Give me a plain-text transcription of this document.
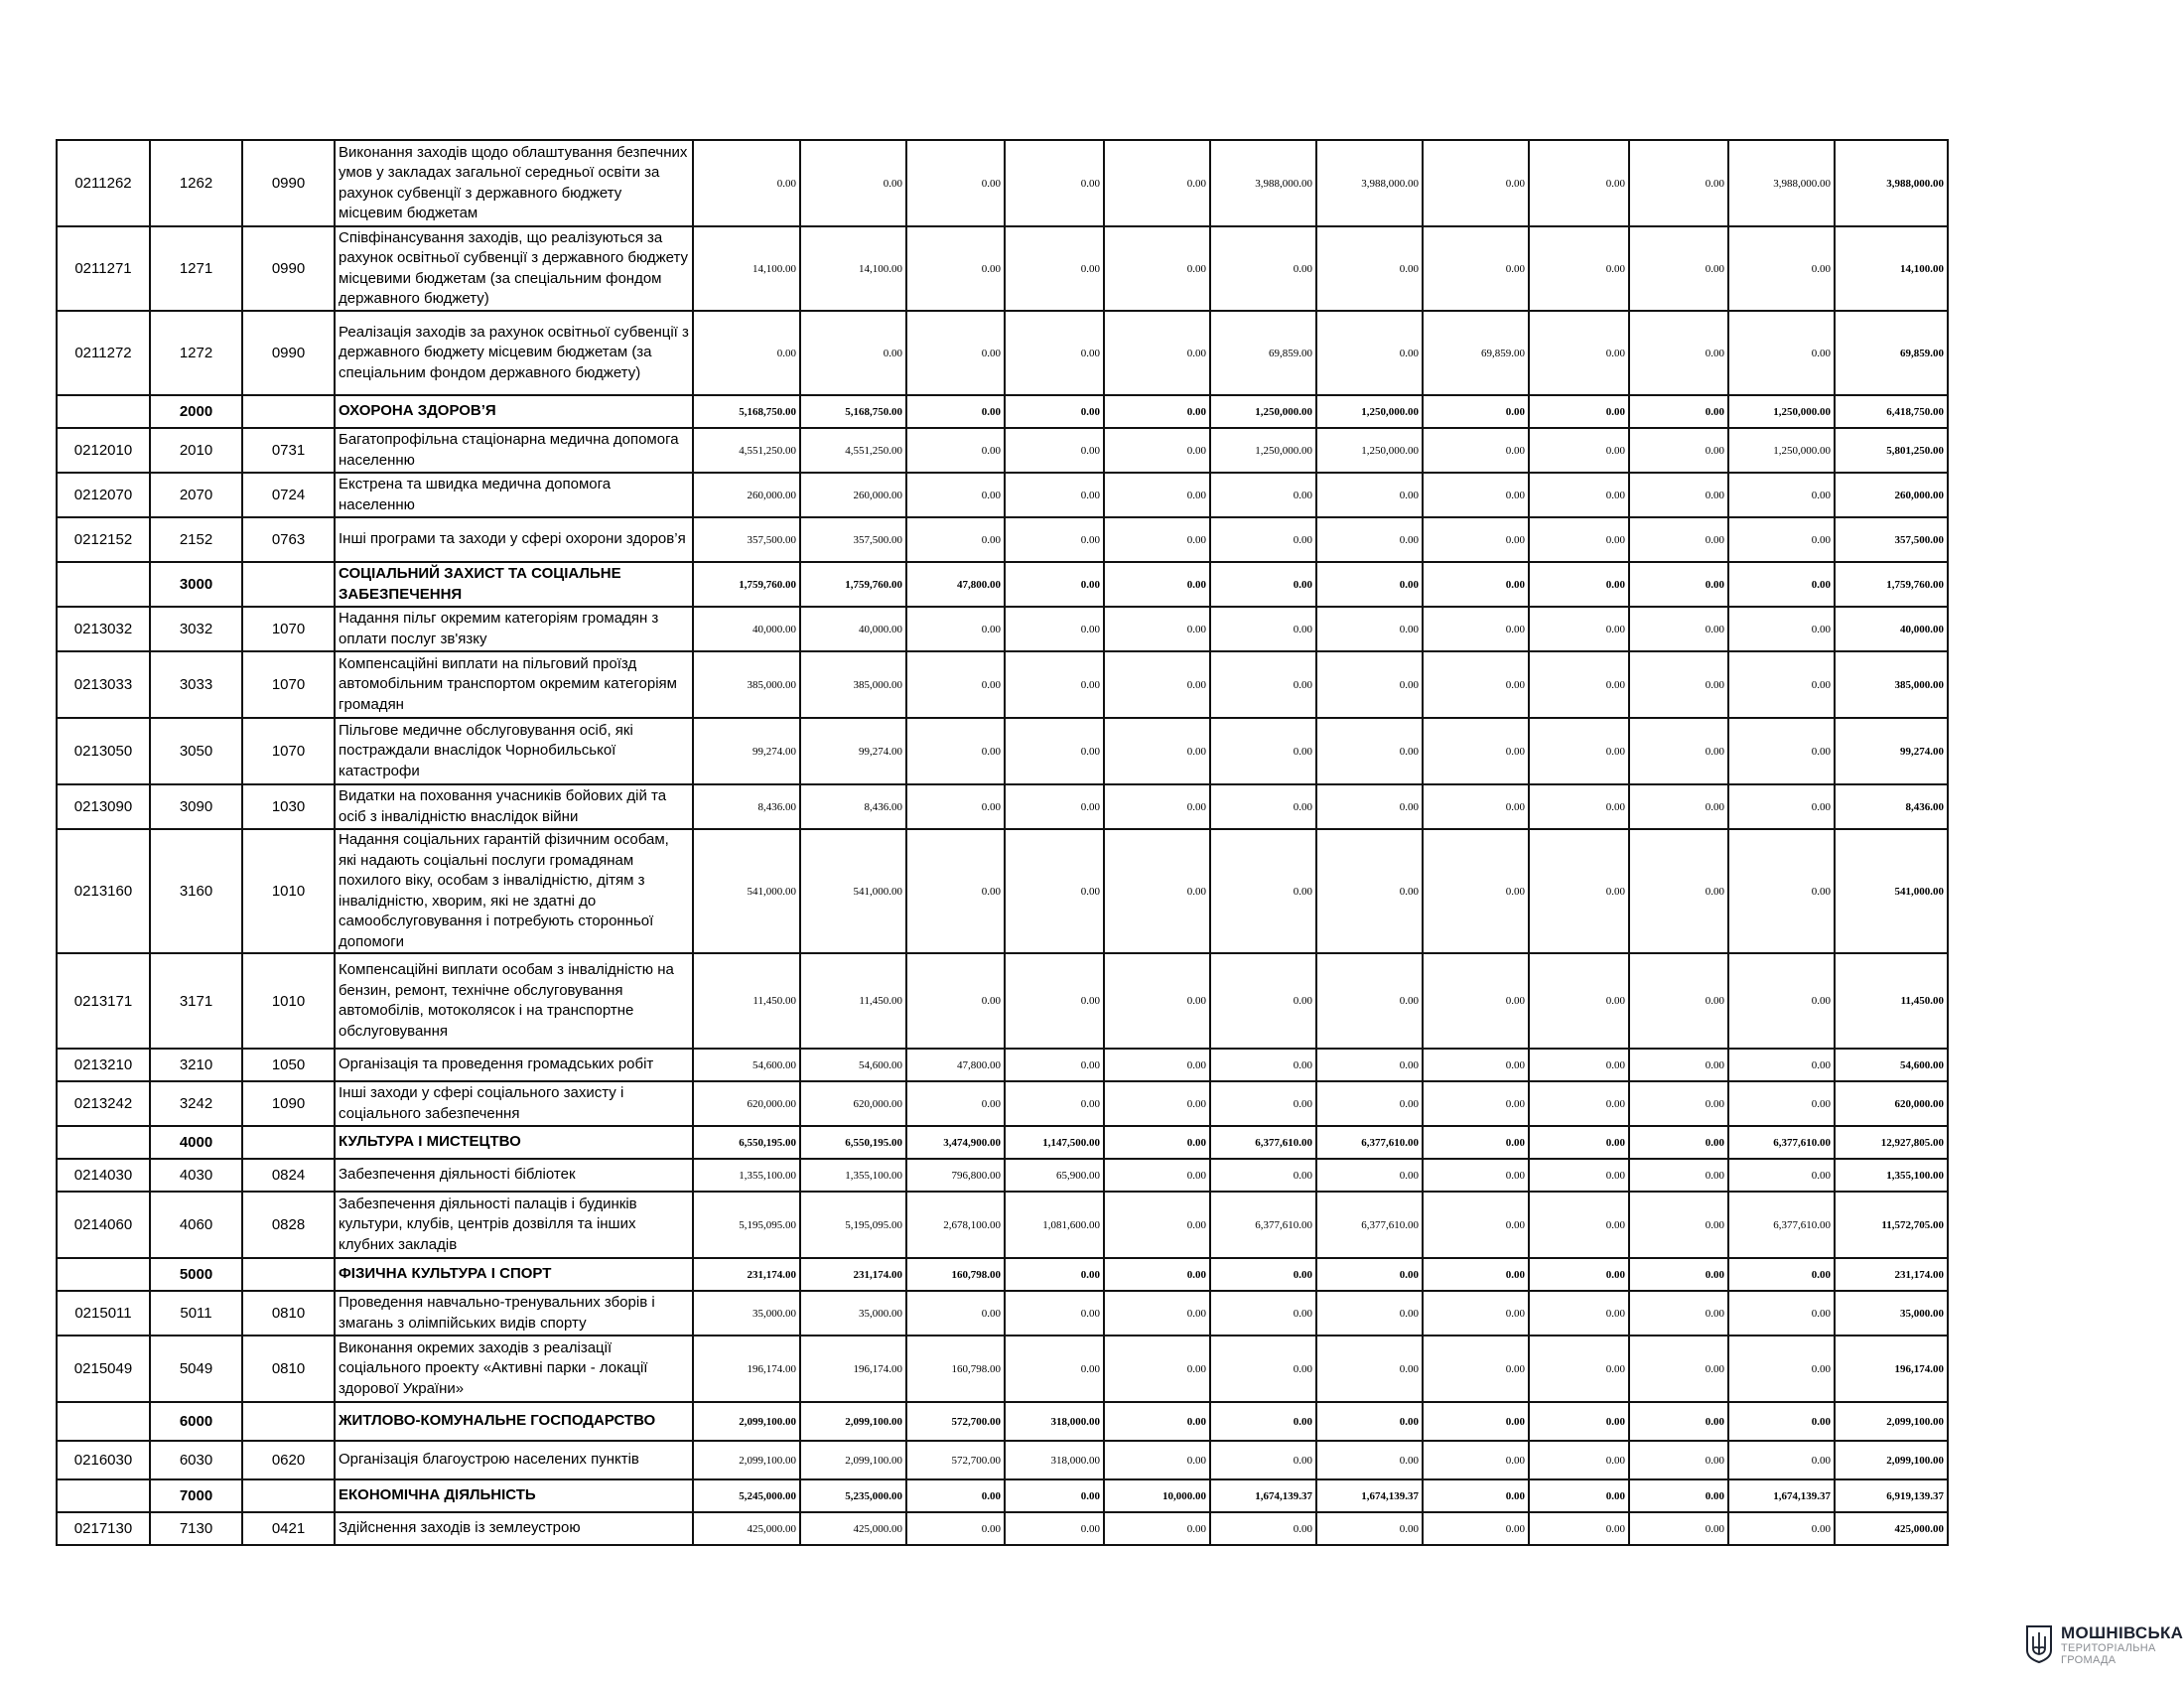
0211262	1262	0990	Виконання заходів щодо облаштування безпечних умов у закладах загальної середньої освіти за рахунок субвенції з державного бюджету місцевим бюджетам	0.00	0.00	0.00	0.00	0.00	3,988,000.00	3,988,000.00	0.00	0.00	0.00	3,988,000.00	3,988,000.00
0211271	1271	0990	Співфінансування заходів, що реалізуються за рахунок освітньої субвенції з державного бюджету місцевими бюджетам (за спеціальним фондом державного бюджету)	14,100.00	14,100.00	0.00	0.00	0.00	0.00	0.00	0.00	0.00	0.00	0.00	14,100.00
0211272	1272	0990	Реалізація заходів за рахунок освітньої субвенції з державного бюджету місцевим бюджетам (за спеціальним фондом державного бюджету)	0.00	0.00	0.00	0.00	0.00	69,859.00	0.00	69,859.00	0.00	0.00	0.00	69,859.00
	2000		ОХОРОНА ЗДОРОВ’Я	5,168,750.00	5,168,750.00	0.00	0.00	0.00	1,250,000.00	1,250,000.00	0.00	0.00	0.00	1,250,000.00	6,418,750.00
0212010	2010	0731	Багатопрофільна стаціонарна медична допомога населенню	4,551,250.00	4,551,250.00	0.00	0.00	0.00	1,250,000.00	1,250,000.00	0.00	0.00	0.00	1,250,000.00	5,801,250.00
0212070	2070	0724	Екстрена та швидка медична допомога населенню	260,000.00	260,000.00	0.00	0.00	0.00	0.00	0.00	0.00	0.00	0.00	0.00	260,000.00
0212152	2152	0763	Інші програми та заходи у сфері охорони здоров’я	357,500.00	357,500.00	0.00	0.00	0.00	0.00	0.00	0.00	0.00	0.00	0.00	357,500.00
	3000		СОЦІАЛЬНИЙ ЗАХИСТ ТА СОЦІАЛЬНЕ ЗАБЕЗПЕЧЕННЯ	1,759,760.00	1,759,760.00	47,800.00	0.00	0.00	0.00	0.00	0.00	0.00	0.00	0.00	1,759,760.00
0213032	3032	1070	Надання пільг окремим категоріям громадян з оплати послуг зв'язку	40,000.00	40,000.00	0.00	0.00	0.00	0.00	0.00	0.00	0.00	0.00	0.00	40,000.00
0213033	3033	1070	Компенсаційні виплати на пільговий проїзд автомобільним транспортом окремим категоріям громадян	385,000.00	385,000.00	0.00	0.00	0.00	0.00	0.00	0.00	0.00	0.00	0.00	385,000.00
0213050	3050	1070	Пільгове медичне обслуговування осіб, які постраждали внаслідок Чорнобильської катастрофи	99,274.00	99,274.00	0.00	0.00	0.00	0.00	0.00	0.00	0.00	0.00	0.00	99,274.00
0213090	3090	1030	Видатки на поховання учасників бойових дій та осіб з інвалідністю внаслідок війни	8,436.00	8,436.00	0.00	0.00	0.00	0.00	0.00	0.00	0.00	0.00	0.00	8,436.00
0213160	3160	1010	Надання соціальних гарантій фізичним особам, які надають соціальні послуги громадянам похилого віку, особам з інвалідністю, дітям з інвалідністю, хворим, які не здатні до самообслуговування і потребують сторонньої допомоги	541,000.00	541,000.00	0.00	0.00	0.00	0.00	0.00	0.00	0.00	0.00	0.00	541,000.00
0213171	3171	1010	Компенсаційні виплати особам з інвалідністю на бензин, ремонт, технічне обслуговування автомобілів, мотоколясок і на транспортне обслуговування	11,450.00	11,450.00	0.00	0.00	0.00	0.00	0.00	0.00	0.00	0.00	0.00	11,450.00
0213210	3210	1050	Організація та проведення громадських робіт	54,600.00	54,600.00	47,800.00	0.00	0.00	0.00	0.00	0.00	0.00	0.00	0.00	54,600.00
0213242	3242	1090	Інші заходи у сфері соціального захисту і соціального забезпечення	620,000.00	620,000.00	0.00	0.00	0.00	0.00	0.00	0.00	0.00	0.00	0.00	620,000.00
	4000		КУЛЬТУРА І МИСТЕЦТВО	6,550,195.00	6,550,195.00	3,474,900.00	1,147,500.00	0.00	6,377,610.00	6,377,610.00	0.00	0.00	0.00	6,377,610.00	12,927,805.00
0214030	4030	0824	Забезпечення діяльності бібліотек	1,355,100.00	1,355,100.00	796,800.00	65,900.00	0.00	0.00	0.00	0.00	0.00	0.00	0.00	1,355,100.00
0214060	4060	0828	Забезпечення діяльності палаців i будинків культури, клубів, центрів дозвілля та iнших клубних закладів	5,195,095.00	5,195,095.00	2,678,100.00	1,081,600.00	0.00	6,377,610.00	6,377,610.00	0.00	0.00	0.00	6,377,610.00	11,572,705.00
	5000		ФІЗИЧНА КУЛЬТУРА І СПОРТ	231,174.00	231,174.00	160,798.00	0.00	0.00	0.00	0.00	0.00	0.00	0.00	0.00	231,174.00
0215011	5011	0810	Проведення навчально-тренувальних зборів і змагань з олімпійських видів спорту	35,000.00	35,000.00	0.00	0.00	0.00	0.00	0.00	0.00	0.00	0.00	0.00	35,000.00
0215049	5049	0810	Виконання окремих заходів з реалізації соціального проекту «Активні парки - локації здорової України»	196,174.00	196,174.00	160,798.00	0.00	0.00	0.00	0.00	0.00	0.00	0.00	0.00	196,174.00
	6000		ЖИТЛОВО-КОМУНАЛЬНЕ ГОСПОДАРСТВО	2,099,100.00	2,099,100.00	572,700.00	318,000.00	0.00	0.00	0.00	0.00	0.00	0.00	0.00	2,099,100.00
0216030	6030	0620	Організація благоустрою населених пунктів	2,099,100.00	2,099,100.00	572,700.00	318,000.00	0.00	0.00	0.00	0.00	0.00	0.00	0.00	2,099,100.00
	7000		ЕКОНОМІЧНА ДІЯЛЬНІСТЬ	5,245,000.00	5,235,000.00	0.00	0.00	10,000.00	1,674,139.37	1,674,139.37	0.00	0.00	0.00	1,674,139.37	6,919,139.37
0217130	7130	0421	Здійснення заходів із землеустрою	425,000.00	425,000.00	0.00	0.00	0.00	0.00	0.00	0.00	0.00	0.00	0.00	425,000.00
МОШНІВСЬКА
ТЕРИТОРІАЛЬНА
ГРОМАДА
